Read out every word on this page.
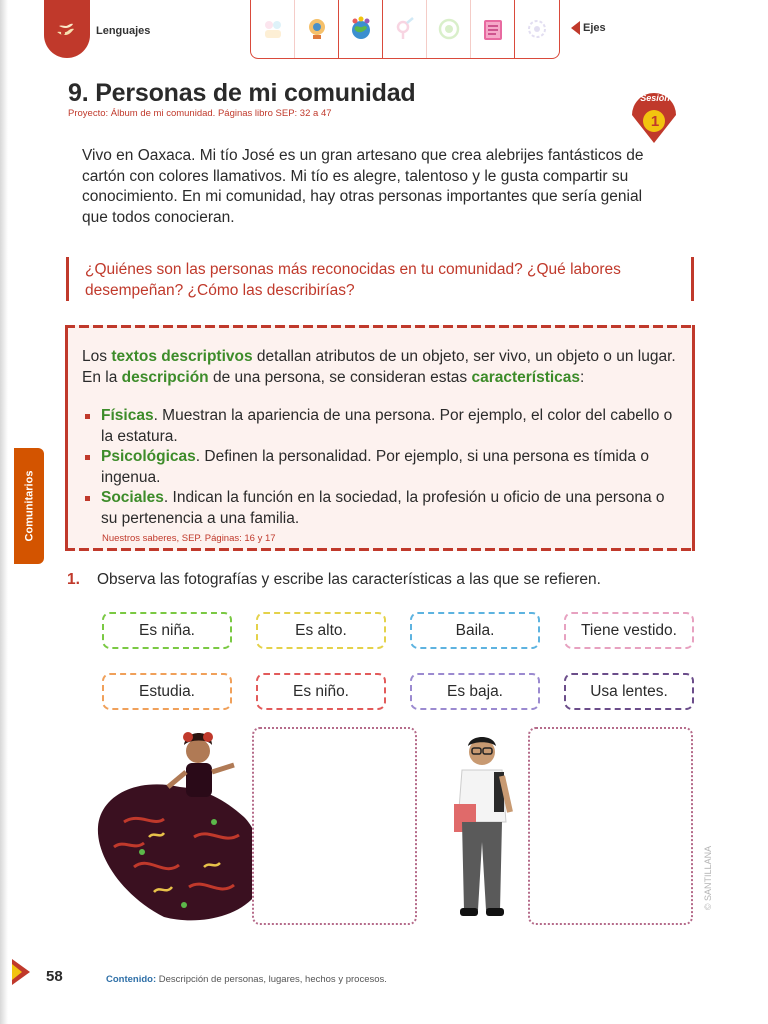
Lenguajes	Ejes
9. Personas de mi comunidad
Proyecto: Álbum de mi comunidad. Páginas libro SEP: 32 a 47
Sesión
1
Vivo en Oaxaca. Mi tío José es un gran artesano que crea alebrijes fantásticos de cartón con colores llamativos. Mi tío es alegre, talentoso y le gusta compartir su conocimiento. En mi comunidad, hay otras personas importantes que sería genial que todos conocieran.
¿Quiénes son las personas más reconocidas en tu comunidad? ¿Qué labores desempeñan? ¿Cómo las describirías?
Los textos descriptivos detallan atributos de un objeto, ser vivo, un objeto o un lugar. En la descripción de una persona, se consideran estas características:
Físicas. Muestran la apariencia de una persona. Por ejemplo, el color del cabello o la estatura.
Psicológicas. Definen la personalidad. Por ejemplo, si una persona es tímida o ingenua.
Sociales. Indican la función en la sociedad, la profesión u oficio de una persona o su pertenencia a una familia.
Nuestros saberes, SEP. Páginas: 16 y 17
Comunitarios
1. Observa las fotografías y escribe las características a las que se refieren.
Es niña.	Es alto.	Baila.	Tiene vestido.
Estudia.	Es niño.	Es baja.	Usa lentes.
© SANTILLANA
58	Contenido: Descripción de personas, lugares, hechos y procesos.
